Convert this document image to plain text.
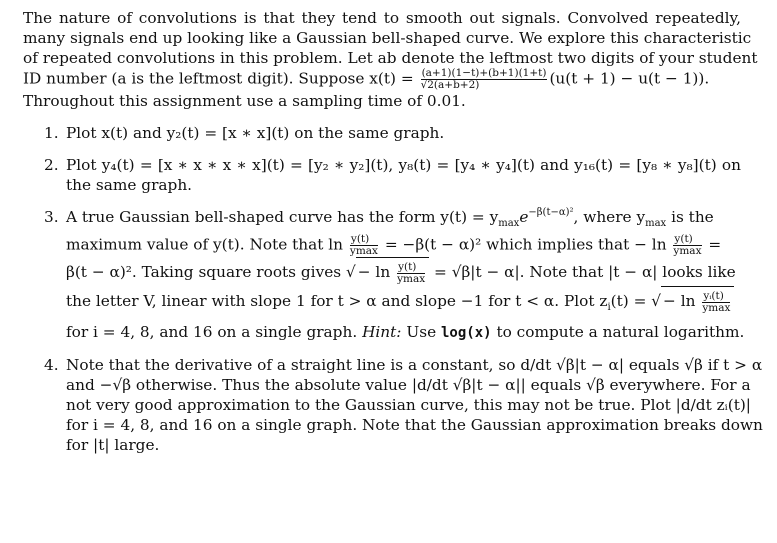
The nature of convolutions is that they tend to smooth out signals. Convolved repeatedly,
many signals end up looking like a Gaussian bell-shaped curve. We explore this characteristic
of repeated convolutions in this problem. Let ab denote the leftmost two digits of your student
ID number (a is the leftmost digit). Suppose $x(t) = \frac{(a+1)(1-t)+(b+1)(1+t)}{√2(a+b+2)} (u(t + 1) - u(t - 1))$.
Throughout this assignment use a sampling time of 0.01.
1. Plot x(t) and y₂(t) = [x ∗ x](t) on the same graph.
2. Plot y₄(t) = [x ∗ x ∗ x ∗ x](t) = [y₂ ∗ y₂](t), y₈(t) = [y₄ ∗ y₄](t) and y₁₆(t) = [y₈ ∗ y₈](t) on
the same graph.
3. A true Gaussian bell-shaped curve has the form $y(t) = y_{max}e^{-\beta(t-\alpha)^2}$, where $y_{max}$ is the
maximum value of y(t). Note that $\ln \frac{y(t)}{ymax} = -\beta(t - \alpha)^2$ which implies that − $\ln \frac{y(t)}{ymax}$ =
β(t − α)². Taking square roots gives √ − $\ln \frac{y(t)}{ymax} = √\beta|t - \alpha|$. Note that |t − α| looks like
the letter V, linear with slope 1 for t > α and slope −1 for t < α. Plot $z_i(t)$ = √ − $\ln \frac{\text{yᵢ(t)}}{ymax}$
for i = 4, 8, and 16 on a single graph. Hint: Use log(x) to compute a natural logarithm.
4. Note that the derivative of a straight line is a constant, so d/dt √β|t − α| equals √β if t > α
and −√β otherwise. Thus the absolute value |d/dt √β|t − α|| equals √β everywhere. For a
not very good approximation to the Gaussian curve, this may not be true. Plot |d/dt zᵢ(t)|
for i = 4, 8, and 16 on a single graph. Note that the Gaussian approximation breaks down
for |t| large.
